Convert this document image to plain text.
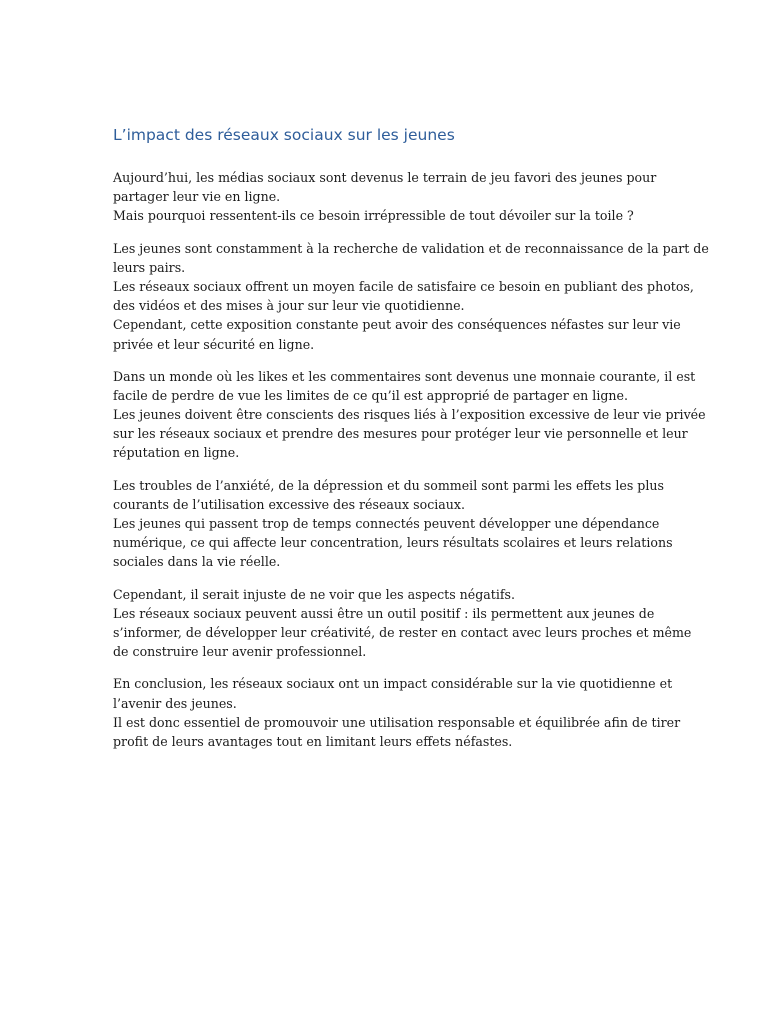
L’impact des réseaux sociaux sur les jeunes

Aujourd’hui, les médias sociaux sont devenus le terrain de jeu favori des jeunes pour
partager leur vie en ligne.
Mais pourquoi ressentent-ils ce besoin irrépressible de tout dévoiler sur la toile ?

Les jeunes sont constamment à la recherche de validation et de reconnaissance de la part de
leurs pairs.
Les réseaux sociaux offrent un moyen facile de satisfaire ce besoin en publiant des photos,
des vidéos et des mises à jour sur leur vie quotidienne.
Cependant, cette exposition constante peut avoir des conséquences néfastes sur leur vie
privée et leur sécurité en ligne.

Dans un monde où les likes et les commentaires sont devenus une monnaie courante, il est
facile de perdre de vue les limites de ce qu’il est approprié de partager en ligne.
Les jeunes doivent être conscients des risques liés à l’exposition excessive de leur vie privée
sur les réseaux sociaux et prendre des mesures pour protéger leur vie personnelle et leur
réputation en ligne.

Les troubles de l’anxiété, de la dépression et du sommeil sont parmi les effets les plus
courants de l’utilisation excessive des réseaux sociaux.
Les jeunes qui passent trop de temps connectés peuvent développer une dépendance
numérique, ce qui affecte leur concentration, leurs résultats scolaires et leurs relations
sociales dans la vie réelle.

Cependant, il serait injuste de ne voir que les aspects négatifs.
Les réseaux sociaux peuvent aussi être un outil positif : ils permettent aux jeunes de
s’informer, de développer leur créativité, de rester en contact avec leurs proches et même
de construire leur avenir professionnel.

En conclusion, les réseaux sociaux ont un impact considérable sur la vie quotidienne et
l’avenir des jeunes.
Il est donc essentiel de promouvoir une utilisation responsable et équilibrée afin de tirer
profit de leurs avantages tout en limitant leurs effets néfastes.
